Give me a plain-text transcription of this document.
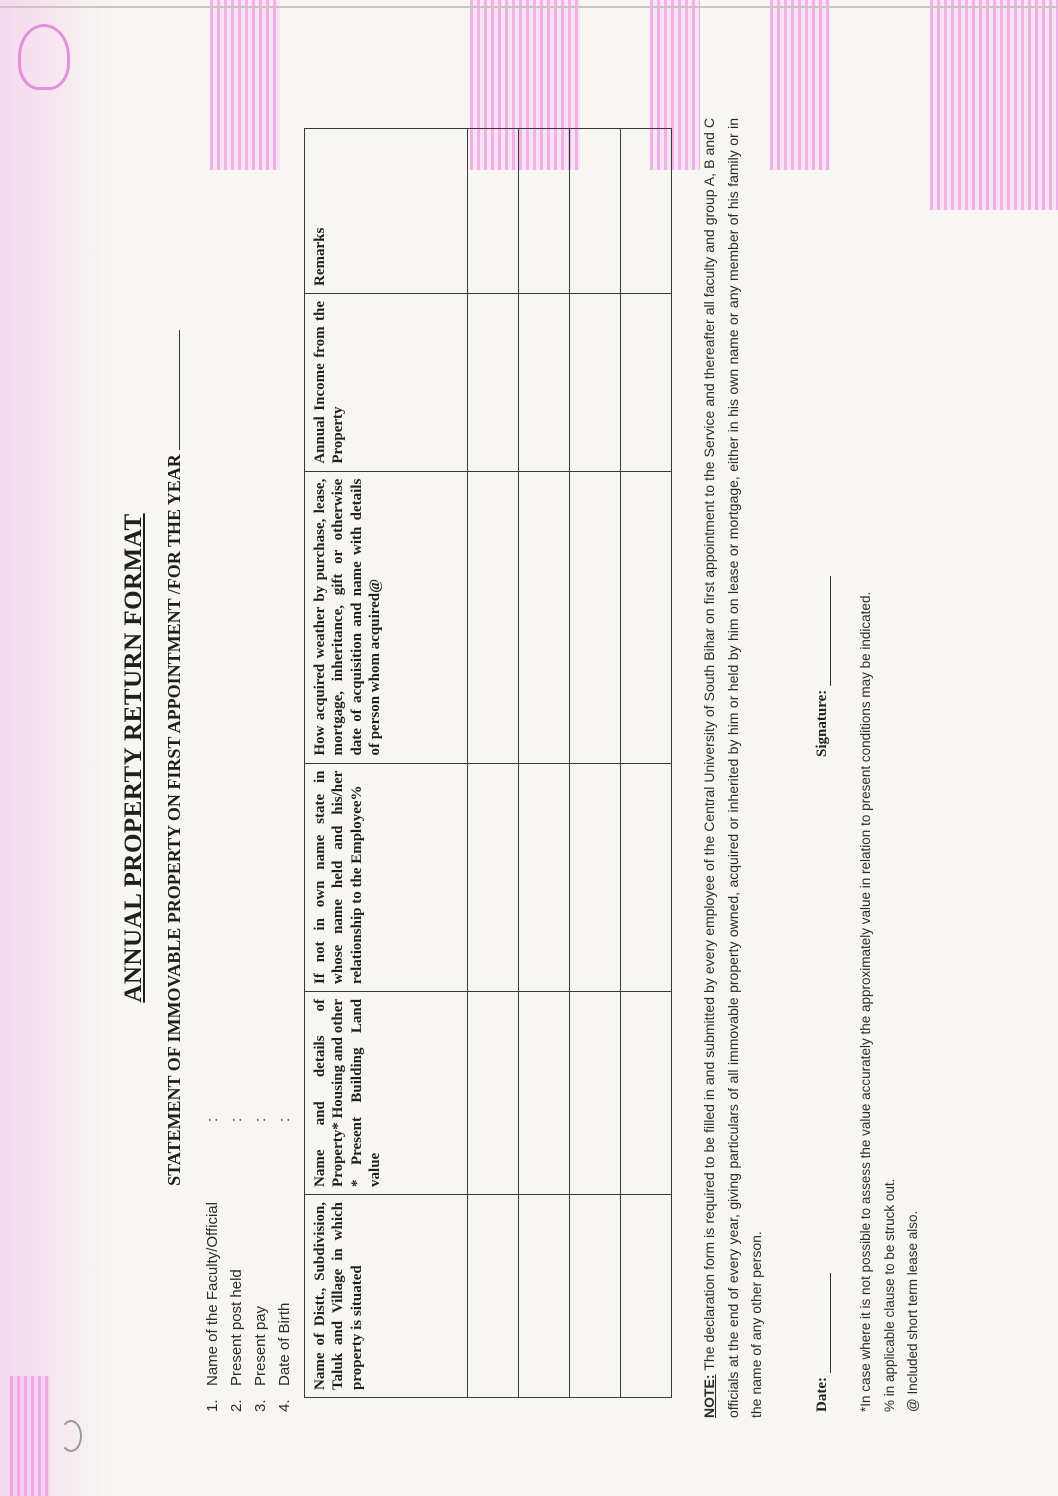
ANNUAL PROPERTY RETURN FORMAT STATEMENT OF IMMOVABLE PROPERTY ON FIRST APPOINTMENT /FOR THE YEAR
1.
Name of the Faculty/Official
:
2.
Present post held
:
3.
Present pay
:
4.
Date of Birth
:
Name of Distt., Subdivision, Taluk and Village in which property is situated	Name and details of Property* Housing and other * Present Building Land value	If not in own name state in whose name held and his/her relationship to the Employee%	How acquired weather by purchase, lease, mortgage, inheritance, gift or otherwise date of acquisition and name with details of person whom acquired@	Annual Income from the Property	Remarks

NOTE: The declaration form is required to be filled in and submitted by every employee of the Central University of South Bihar on first appointment to the Service and thereafter all faculty and group A, B and C officials at the end of every year, giving particulars of all immovable property owned, acquired or inherited by him or held by him on lease or mortgage, either in his own name or any member of his family or in the name of any other person.	Date:
Signature: *In case where it is not possible to assess the value accurately the approximately value in relation to present conditions may be indicated. % in applicable clause to be struck out. @ Included short term lease also.
